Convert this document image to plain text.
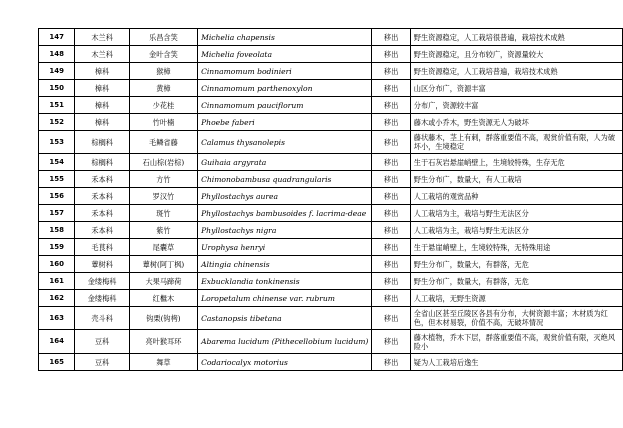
147	木兰科	乐昌含笑	Michelia chapensis	移出	野生资源稳定，人工栽培很普遍，栽培技术成熟
148	木兰科	金叶含笑	Michelia foveolata	移出	野生资源稳定，且分布较广，资源量较大
149	樟科	猴樟	Cinnamomum bodinieri	移出	野生资源稳定，人工栽培普遍，栽培技术成熟
150	樟科	黄樟	Cinnamomum parthenoxylon	移出	山区分布广，资源丰富
151	樟科	少花桂	Cinnamomum pauciflorum	移出	分布广，资源较丰富
152	樟科	竹叶楠	Phoebe faberi	移出	藤木或小乔木，野生资源无人为破坏
153	棕榈科	毛鳞省藤	Calamus thysanolepis	移出	藤状藤木，茎上有刺，群落重要值不高，观赏价值有限，人为破坏小，生境稳定
154	棕榈科	石山棕(岩棕)	Guihaia argyrata	移出	生于石灰岩悬崖峭壁上，生境较特殊，生存无危
155	禾本科	方竹	Chimonobambusa quadrangularis	移出	野生分布广，数量大，有人工栽培
156	禾本科	罗汉竹	Phyllostachys aurea	移出	人工栽培的观赏品种
157	禾本科	斑竹	Phyllostachys bambusoides f. lacrima-deae	移出	人工栽培为主，栽培与野生无法区分
158	禾本科	紫竹	Phyllostachys nigra	移出	人工栽培为主，栽培与野生无法区分
159	毛茛科	尾囊草	Urophysa henryi	移出	生于悬崖峭壁上，生境较特殊，无特殊用途
160	蕈树科	蕈树(阿丁枫)	Altingia chinensis	移出	野生分布广，数量大，有群落，无危
161	金缕梅科	大果马蹄荷	Exbucklandia tonkinensis	移出	野生分布广，数量大，有群落，无危
162	金缕梅科	红檵木	Loropetalum chinense var. rubrum	移出	人工栽培，无野生资源
163	壳斗科	钩栗(钩栲)	Castanopsis tibetana	移出	全省山区甚至丘陵区各县有分布，大树资源丰富；木材质为红色，但木材易裂，价值不高，无破坏情况
164	豆科	亮叶猴耳环	Abarema lucidum (Pithecellobium lucidum)	移出	藤木植物，乔木下层，群落重要值不高，观赏价值有限，灭绝风险小
165	豆科	舞草	Codariocalyx motorius	移出	疑为人工栽培后逸生
